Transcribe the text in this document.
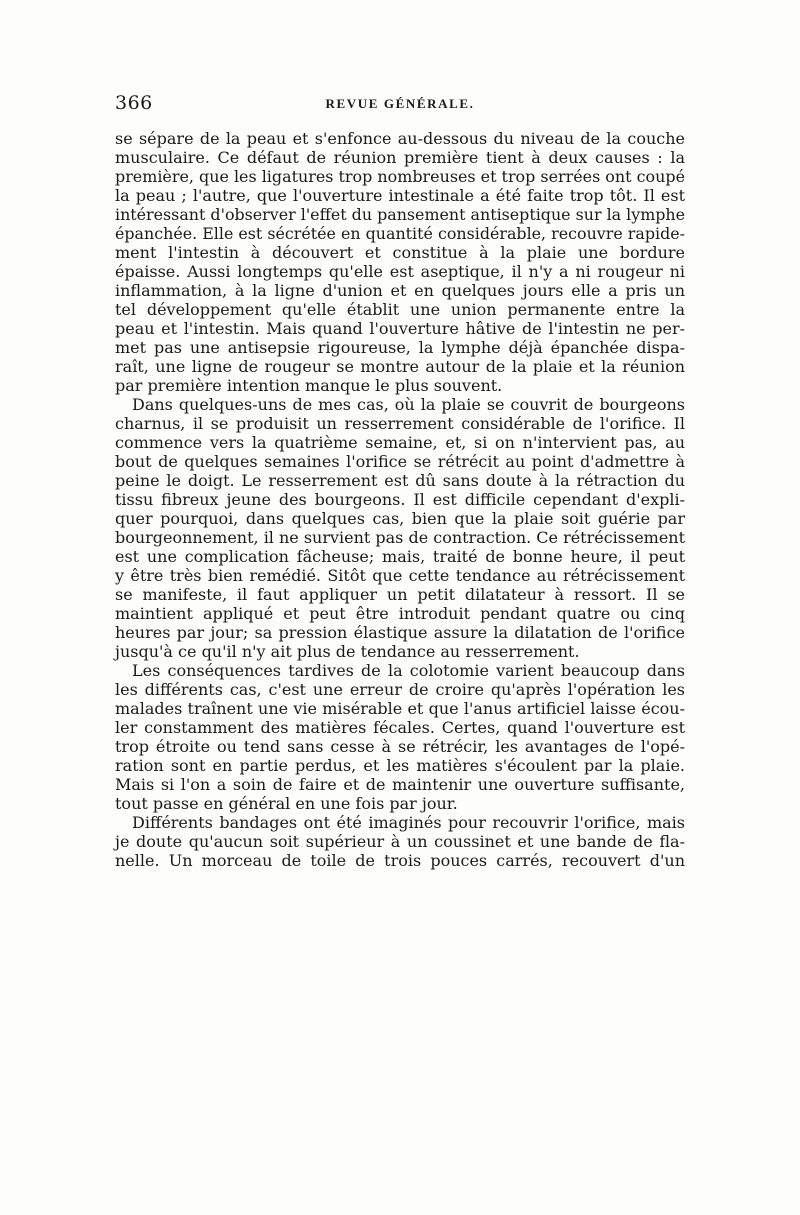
366	REVUE GÉNÉRALE.
se sépare de la peau et s'enfonce au-dessous du niveau de la couche
musculaire. Ce défaut de réunion première tient à deux causes : la
première, que les ligatures trop nombreuses et trop serrées ont coupé
la peau ; l'autre, que l'ouverture intestinale a été faite trop tôt. Il est
intéressant d'observer l'effet du pansement antiseptique sur la lymphe
épanchée. Elle est sécrétée en quantité considérable, recouvre rapide-
ment l'intestin à découvert et constitue à la plaie une bordure
épaisse. Aussi longtemps qu'elle est aseptique, il n'y a ni rougeur ni
inflammation, à la ligne d'union et en quelques jours elle a pris un
tel développement qu'elle établit une union permanente entre la
peau et l'intestin. Mais quand l'ouverture hâtive de l'intestin ne per-
met pas une antisepsie rigoureuse, la lymphe déjà épanchée dispa-
raît, une ligne de rougeur se montre autour de la plaie et la réunion
par première intention manque le plus souvent.
Dans quelques-uns de mes cas, où la plaie se couvrit de bourgeons
charnus, il se produisit un resserrement considérable de l'orifice. Il
commence vers la quatrième semaine, et, si on n'intervient pas, au
bout de quelques semaines l'orifice se rétrécit au point d'admettre à
peine le doigt. Le resserrement est dû sans doute à la rétraction du
tissu fibreux jeune des bourgeons. Il est difficile cependant d'expli-
quer pourquoi, dans quelques cas, bien que la plaie soit guérie par
bourgeonnement, il ne survient pas de contraction. Ce rétrécissement
est une complication fâcheuse; mais, traité de bonne heure, il peut
y être très bien remédié. Sitôt que cette tendance au rétrécissement
se manifeste, il faut appliquer un petit dilatateur à ressort. Il se
maintient appliqué et peut être introduit pendant quatre ou cinq
heures par jour; sa pression élastique assure la dilatation de l'orifice
jusqu'à ce qu'il n'y ait plus de tendance au resserrement.
Les conséquences tardives de la colotomie varient beaucoup dans
les différents cas, c'est une erreur de croire qu'après l'opération les
malades traînent une vie misérable et que l'anus artificiel laisse écou-
ler constamment des matières fécales. Certes, quand l'ouverture est
trop étroite ou tend sans cesse à se rétrécir, les avantages de l'opé-
ration sont en partie perdus, et les matières s'écoulent par la plaie.
Mais si l'on a soin de faire et de maintenir une ouverture suffisante,
tout passe en général en une fois par jour.
Différents bandages ont été imaginés pour recouvrir l'orifice, mais
je doute qu'aucun soit supérieur à un coussinet et une bande de fla-
nelle. Un morceau de toile de trois pouces carrés, recouvert d'un
